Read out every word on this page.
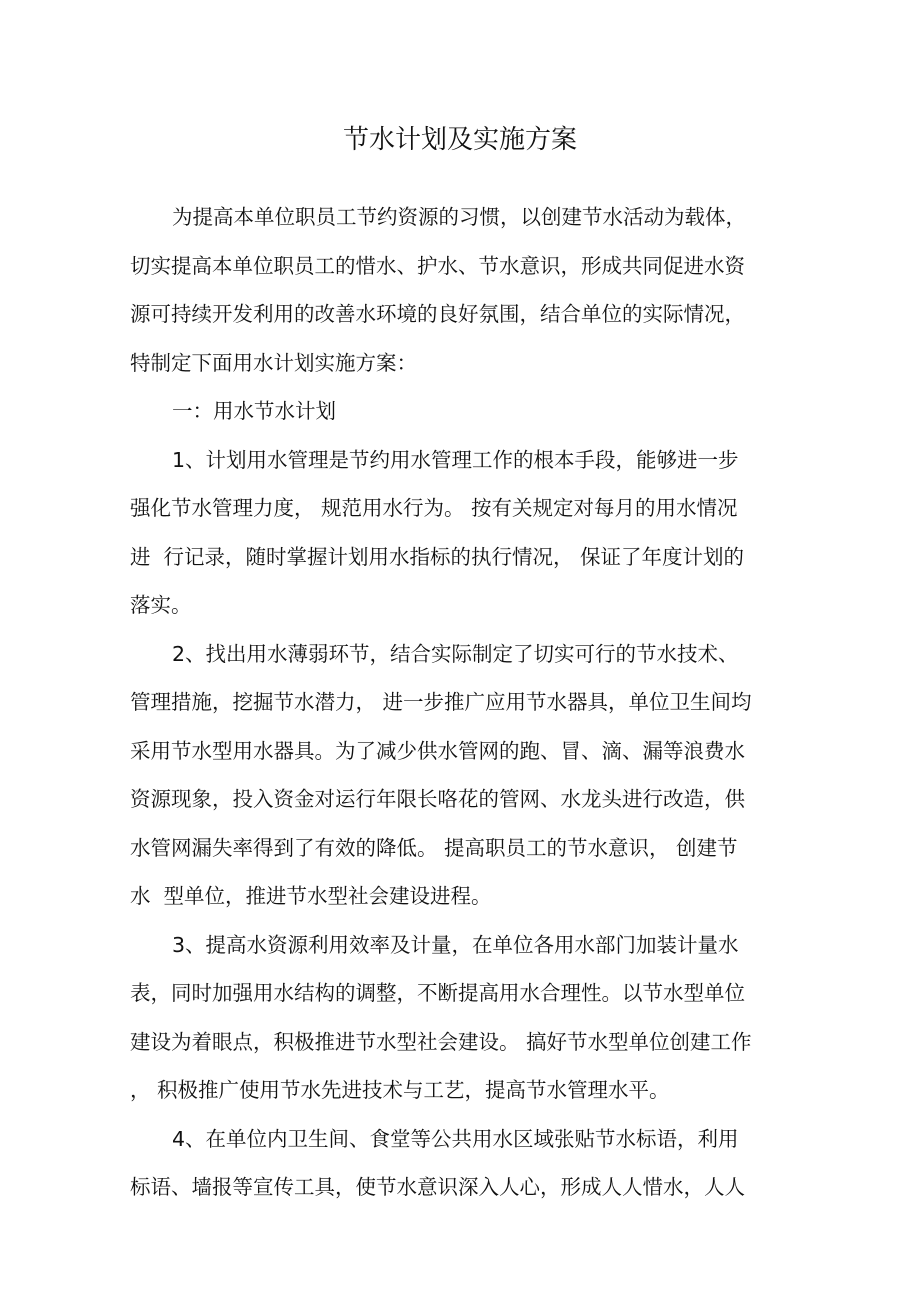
节水计划及实施方案
为提高本单位职员工节约资源的习惯，以创建节水活动为载体，
切实提高本单位职员工的惜水、护水、节水意识，形成共同促进水资
源可持续开发利用的改善水环境的良好氛围，结合单位的实际情况，
特制定下面用水计划实施方案：
一：用水节水计划
1、计划用水管理是节约用水管理工作的根本手段，能够进一步
强化节水管理力度， 规范用水行为。 按有关规定对每月的用水情况
进  行记录，随时掌握计划用水指标的执行情况， 保证了年度计划的
落实。
2、找出用水薄弱环节，结合实际制定了切实可行的节水技术、
管理措施，挖掘节水潜力， 进一步推广应用节水器具，单位卫生间均
采用节水型用水器具。为了减少供水管网的跑、冒、滴、漏等浪费水
资源现象，投入资金对运行年限长咯花的管网、水龙头进行改造，供
水管网漏失率得到了有效的降低。 提高职员工的节水意识， 创建节
水  型单位，推进节水型社会建设进程。
3、提高水资源利用效率及计量，在单位各用水部门加装计量水
表，同时加强用水结构的调整，不断提高用水合理性。以节水型单位
建设为着眼点，积极推进节水型社会建设。 搞好节水型单位创建工作
， 积极推广使用节水先进技术与工艺，提高节水管理水平。
4、在单位内卫生间、食堂等公共用水区域张贴节水标语，利用
标语、墙报等宣传工具，使节水意识深入人心，形成人人惜水，人人
